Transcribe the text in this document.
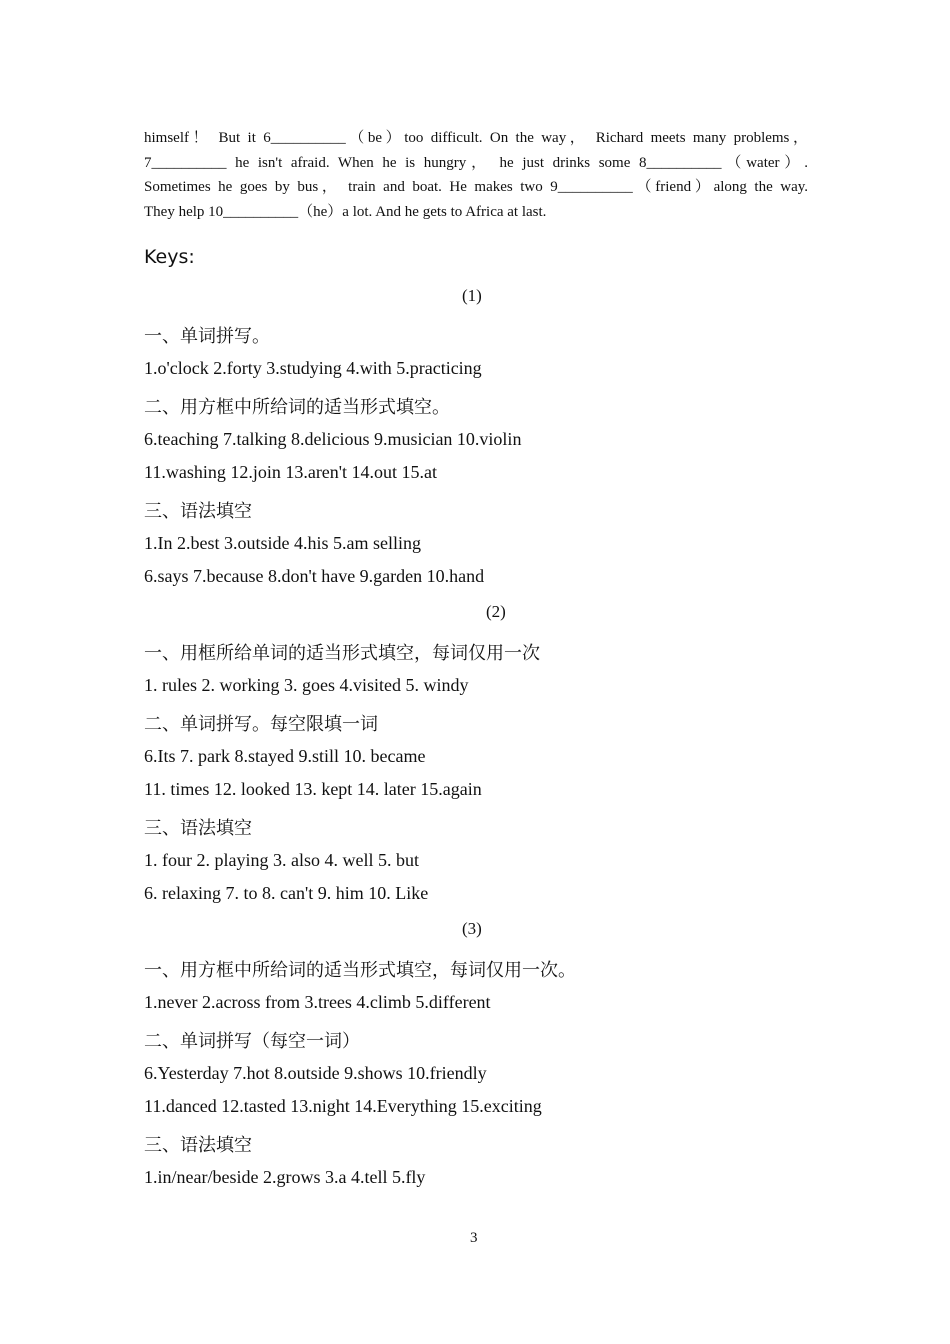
himself！ But it 6__________（be）too difficult. On the way， Richard meets many problems，
7__________ he isn't afraid. When he is hungry， he just drinks some 8__________（water）.
Sometimes he goes by bus， train and boat. He makes two 9__________（friend）along the way.
They help 10__________（he）a lot. And he gets to Africa at last.
Keys:
(1)
一、单词拼写。
1.o'clock 2.forty 3.studying 4.with 5.practicing
二、用方框中所给词的适当形式填空。
6.teaching 7.talking 8.delicious 9.musician 10.violin
11.washing 12.join 13.aren't 14.out 15.at
三、语法填空
1.In 2.best 3.outside 4.his 5.am selling
6.says 7.because 8.don't have 9.garden 10.hand
(2)
一、用框所给单词的适当形式填空，每词仅用一次
1. rules 2. working 3. goes 4.visited 5. windy
二、单词拼写。每空限填一词
6.Its 7. park 8.stayed 9.still 10. became
11. times 12. looked 13. kept 14. later 15.again
三、语法填空
1. four 2. playing 3. also 4. well 5. but
6. relaxing 7. to 8. can't 9. him 10. Like
(3)
一、用方框中所给词的适当形式填空，每词仅用一次。
1.never 2.across from 3.trees 4.climb 5.different
二、单词拼写（每空一词）
6.Yesterday 7.hot 8.outside 9.shows 10.friendly
11.danced 12.tasted 13.night 14.Everything 15.exciting
三、语法填空
1.in/near/beside 2.grows 3.a 4.tell 5.fly
3
